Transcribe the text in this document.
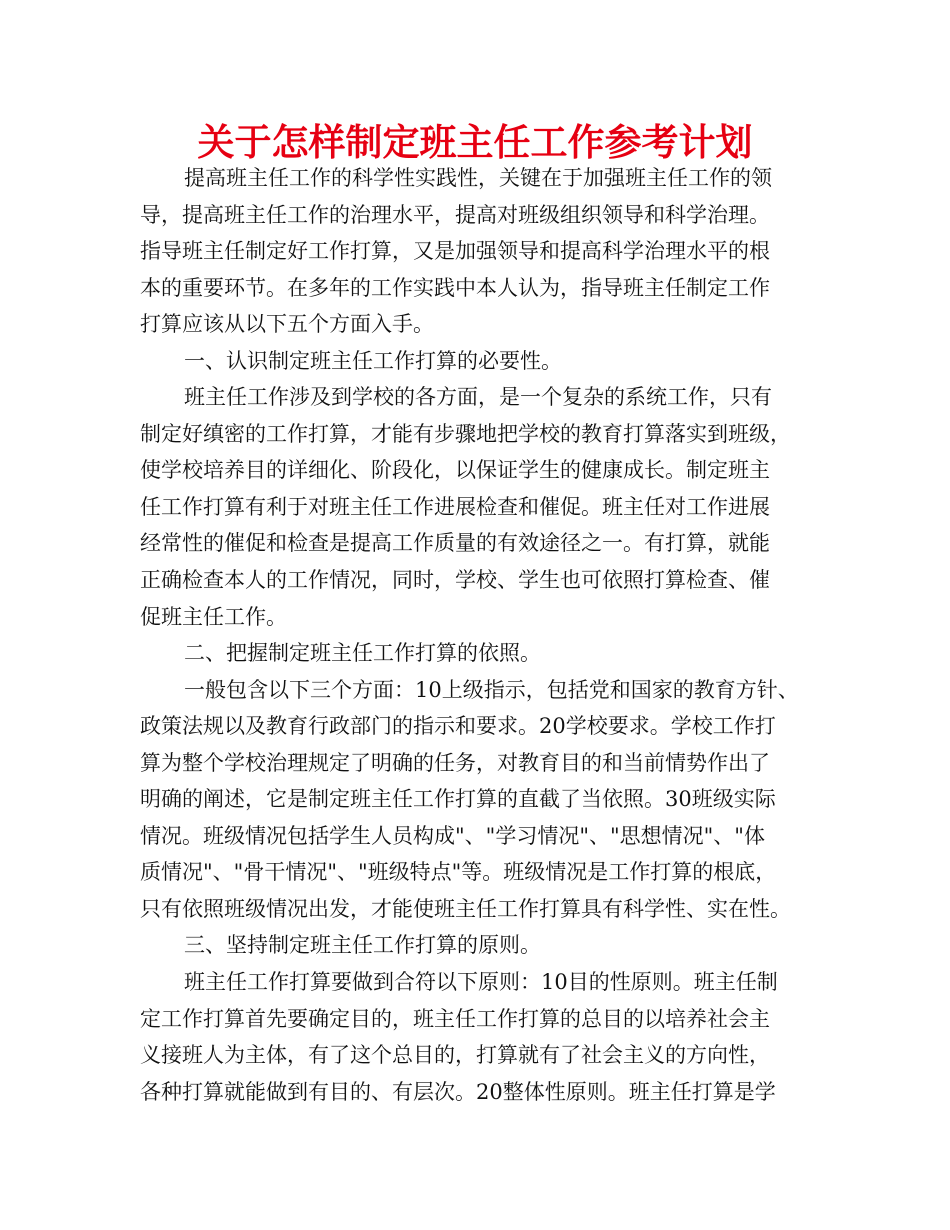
关于怎样制定班主任工作参考计划
提高班主任工作的科学性实践性，关键在于加强班主任工作的领
导，提高班主任工作的治理水平，提高对班级组织领导和科学治理。
指导班主任制定好工作打算，又是加强领导和提高科学治理水平的根
本的重要环节。在多年的工作实践中本人认为，指导班主任制定工作
打算应该从以下五个方面入手。
一、认识制定班主任工作打算的必要性。
班主任工作涉及到学校的各方面，是一个复杂的系统工作，只有
制定好缜密的工作打算，才能有步骤地把学校的教育打算落实到班级，
使学校培养目的详细化、阶段化，以保证学生的健康成长。制定班主
任工作打算有利于对班主任工作进展检查和催促。班主任对工作进展
经常性的催促和检查是提高工作质量的有效途径之一。有打算，就能
正确检查本人的工作情况，同时，学校、学生也可依照打算检查、催
促班主任工作。
二、把握制定班主任工作打算的依照。
一般包含以下三个方面：10上级指示，包括党和国家的教育方针、
政策法规以及教育行政部门的指示和要求。20学校要求。学校工作打
算为整个学校治理规定了明确的任务，对教育目的和当前情势作出了
明确的阐述，它是制定班主任工作打算的直截了当依照。30班级实际
情况。班级情况包括学生人员构成"、"学习情况"、"思想情况"、"体
质情况"、"骨干情况"、"班级特点"等。班级情况是工作打算的根底，
只有依照班级情况出发，才能使班主任工作打算具有科学性、实在性。
三、坚持制定班主任工作打算的原则。
班主任工作打算要做到合符以下原则：10目的性原则。班主任制
定工作打算首先要确定目的，班主任工作打算的总目的以培养社会主
义接班人为主体，有了这个总目的，打算就有了社会主义的方向性，
各种打算就能做到有目的、有层次。20整体性原则。班主任打算是学
